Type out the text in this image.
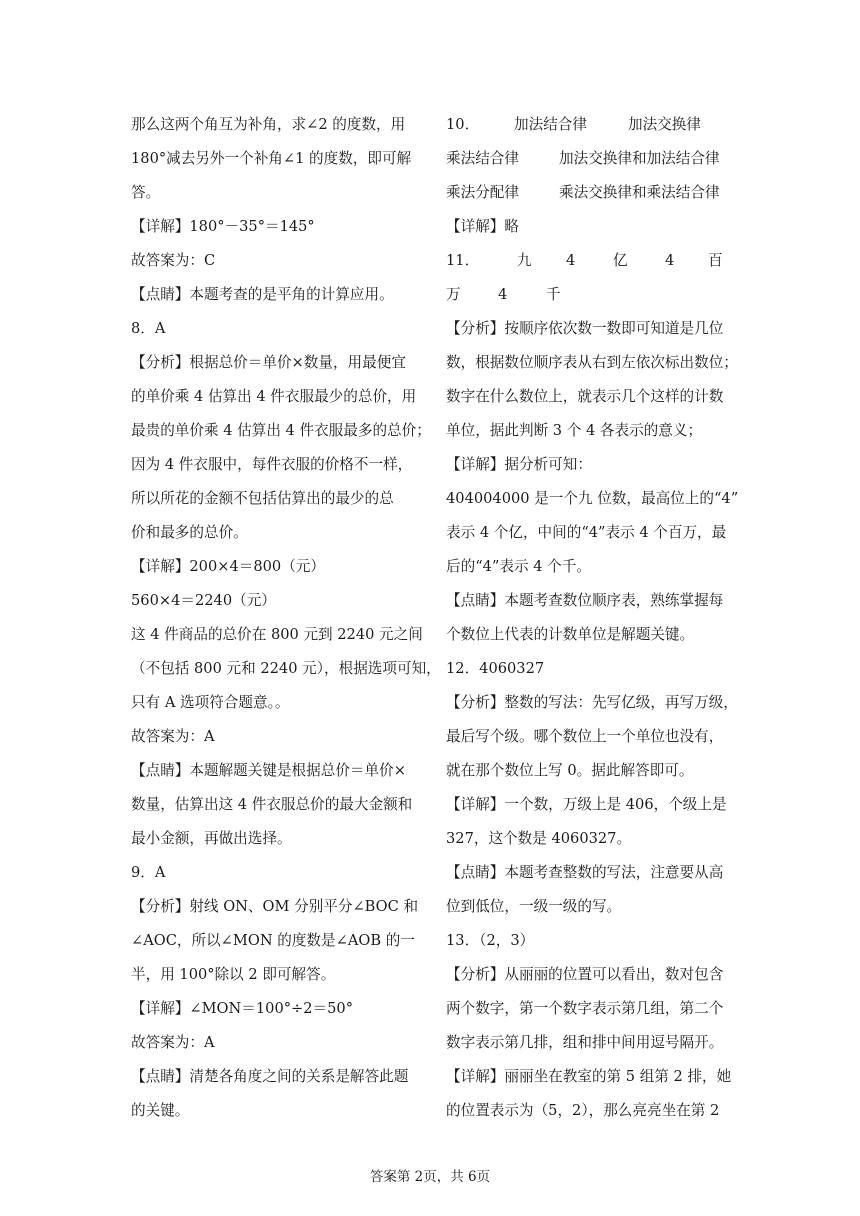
那么这两个角互为补角，求∠2 的度数，用
180°减去另外一个补角∠1 的度数，即可解
答。
【详解】180°－35°＝145°
故答案为：C
【点睛】本题考查的是平角的计算应用。
8．A
【分析】根据总价＝单价×数量，用最便宜
的单价乘 4 估算出 4 件衣服最少的总价，用
最贵的单价乘 4 估算出 4 件衣服最多的总价；
因为 4 件衣服中，每件衣服的价格不一样，
所以所花的金额不包括估算出的最少的总
价和最多的总价。
【详解】200×4＝800（元）
560×4＝2240（元）
这 4 件商品的总价在 800 元到 2240 元之间
（不包括 800 元和 2240 元），根据选项可知，
只有 A 选项符合题意。。
故答案为：A
【点睛】本题解题关键是根据总价＝单价×
数量，估算出这 4 件衣服总价的最大金额和
最小金额，再做出选择。
9．A
【分析】射线 ON、OM 分别平分∠BOC 和
∠AOC，所以∠MON 的度数是∠AOB 的一
半，用 100°除以 2 即可解答。
【详解】∠MON＝100°÷2＝50°
故答案为：A
【点睛】清楚各角度之间的关系是解答此题
的关键。
10． 加法结合律	加法交换律
乘法结合律	加法交换律和加法结合律
乘法分配律	乘法交换律和乘法结合律
【详解】略
11．	九 4	亿	4 百
万	4	千
【分析】按顺序依次数一数即可知道是几位
数，根据数位顺序表从右到左依次标出数位；
数字在什么数位上，就表示几个这样的计数
单位，据此判断 3 个 4 各表示的意义；
【详解】据分析可知：
404004000 是一个九 位数，最高位上的“4”
表示 4 个亿，中间的“4”表示 4 个百万，最
后的“4”表示 4 个千。
【点睛】本题考查数位顺序表，熟练掌握每
个数位上代表的计数单位是解题关键。
12．4060327
【分析】整数的写法：先写亿级，再写万级，
最后写个级。哪个数位上一个单位也没有，
就在那个数位上写 0。据此解答即可。
【详解】一个数，万级上是 406，个级上是
327，这个数是 4060327。
【点睛】本题考查整数的写法，注意要从高
位到低位，一级一级的写。
13．（2，3）
【分析】从丽丽的位置可以看出，数对包含
两个数字，第一个数字表示第几组，第二个
数字表示第几排，组和排中间用逗号隔开。
【详解】丽丽坐在教室的第 5 组第 2 排，她
的位置表示为（5，2），那么亮亮坐在第 2
答案第 2页，共 6页
